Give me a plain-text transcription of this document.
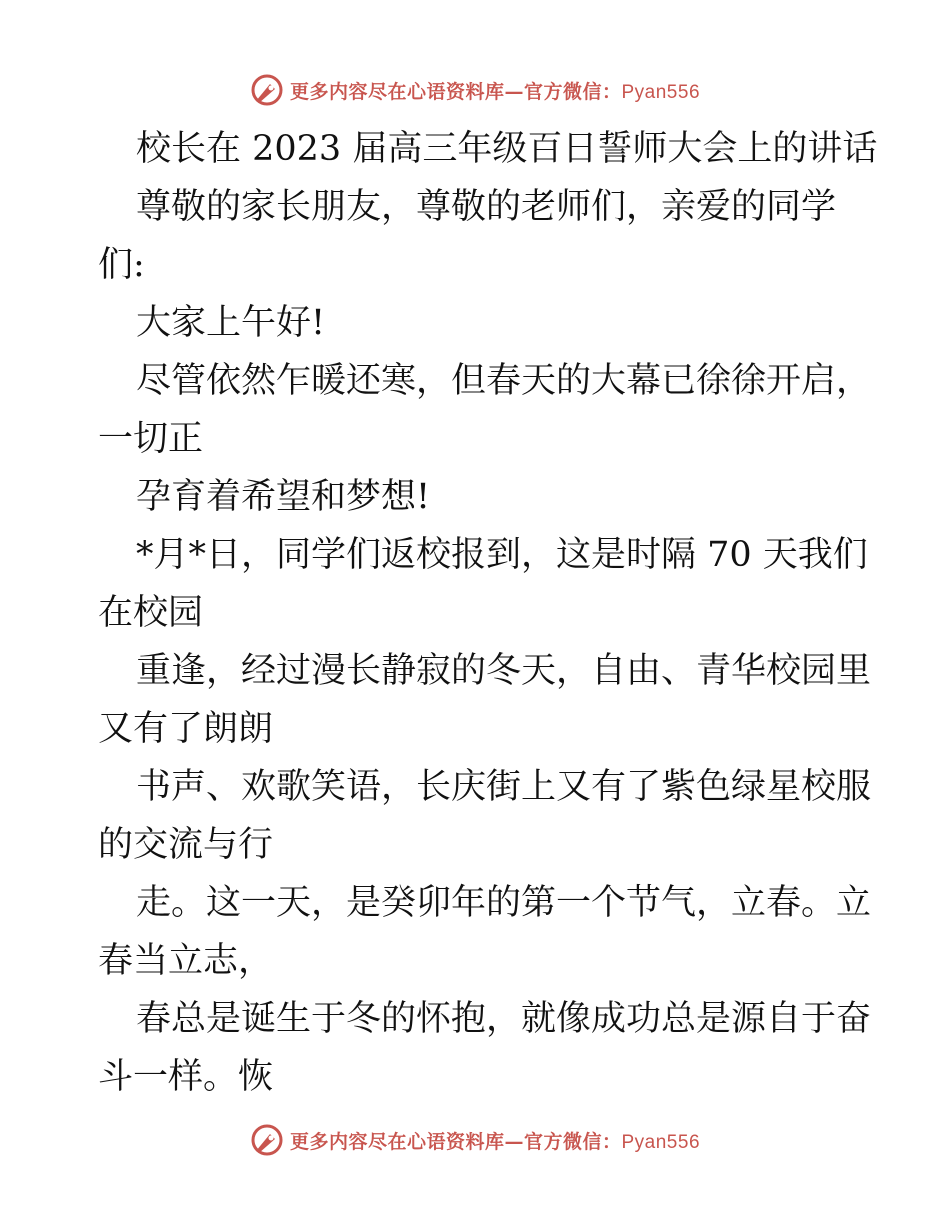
更多内容尽在心语资料库—官方微信：Pyan556

校长在 2023 届高三年级百日誓师大会上的讲话

尊敬的家长朋友，尊敬的老师们，亲爱的同学

们:

大家上午好!

尽管依然乍暖还寒，但春天的大幕已徐徐开启，

一切正

孕育着希望和梦想!

*月*日，同学们返校报到，这是时隔 70 天我们

在校园

重逢，经过漫长静寂的冬天，自由、青华校园里

又有了朗朗

书声、欢歌笑语，长庆街上又有了紫色绿星校服

的交流与行

走。这一天，是癸卯年的第一个节气，立春。立

春当立志，

春总是诞生于冬的怀抱，就像成功总是源自于奋

斗一样。恢

更多内容尽在心语资料库—官方微信：Pyan556
